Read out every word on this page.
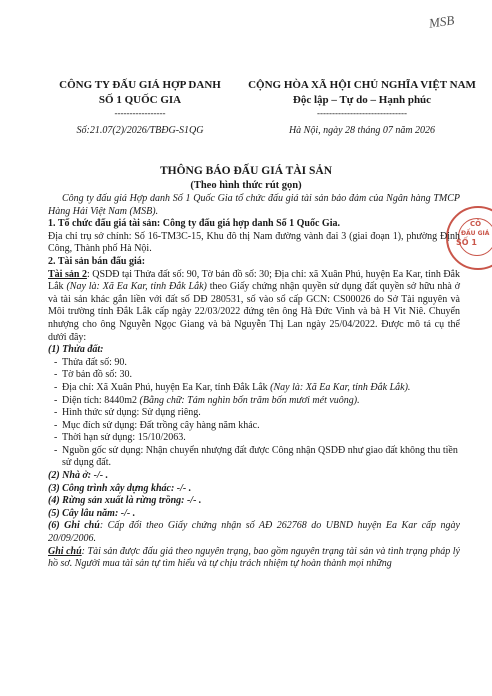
MSB
CÔ
ĐẤU GIÁ
SỐ 1
CÔNG TY ĐẤU GIÁ HỢP DANH
SỐ 1 QUỐC GIA
-----------------
Số:21.07(2)/2026/TBĐG-S1QG
CỘNG HÒA XÃ HỘI CHỦ NGHĨA VIỆT NAM
Độc lập – Tự do – Hạnh phúc
------------------------------
Hà Nội, ngày 28 tháng 07 năm 2026
THÔNG BÁO ĐẤU GIÁ TÀI SẢN
(Theo hình thức rút gọn)

Công ty đấu giá Hợp danh Số 1 Quốc Gia tổ chức đấu giá tài sản bảo đảm của Ngân hàng TMCP Hàng Hải Việt Nam (MSB).

1. Tổ chức đấu giá tài sản: Công ty đấu giá hợp danh Số 1 Quốc Gia.

Địa chỉ trụ sở chính: Số 16-TM3C-15, Khu đô thị Nam đường vành đai 3 (giai đoạn 1), phường Định Công, Thành phố Hà Nội.

2. Tài sản bán đấu giá:

Tài sản 2: QSDĐ tại Thửa đất số: 90, Tờ bản đồ số: 30; Địa chỉ: xã Xuân Phú, huyện Ea Kar, tỉnh Đắk Lắk (Nay là: Xã Ea Kar, tỉnh Đắk Lắk) theo Giấy chứng nhận quyền sử dụng đất quyền sở hữu nhà ở và tài sản khác gắn liền với đất số DĐ 280531, số vào sổ cấp GCN: CS00026 do Sở Tài nguyên và Môi trường tỉnh Đắk Lắk cấp ngày 22/03/2022 đứng tên ông Hà Đức Vinh và bà H Vit Niê. Chuyển nhượng cho ông Nguyễn Ngọc Giang và bà Nguyễn Thị Lan ngày 25/04/2022. Được mô tả cụ thể dưới đây:

(1) Thửa đất:

- Thửa đất số: 90.

- Tờ bản đồ số: 30.

- Địa chỉ: Xã Xuân Phú, huyện Ea Kar, tỉnh Đắk Lắk (Nay là: Xã Ea Kar, tỉnh Đắk Lắk).

- Diện tích: 8440m2 (Bằng chữ: Tám nghìn bốn trăm bốn mươi mét vuông).

- Hình thức sử dụng: Sử dụng riêng.

- Mục đích sử dụng: Đất trồng cây hàng năm khác.

- Thời hạn sử dụng: 15/10/2063.

- Nguồn gốc sử dụng: Nhận chuyển nhượng đất được Công nhận QSDĐ như giao đất không thu tiền sử dụng đất.

(2) Nhà ở: -/- .

(3) Công trình xây dựng khác: -/- .

(4) Rừng sản xuất là rừng trồng: -/- .

(5) Cây lâu năm: -/- .

(6) Ghi chú: Cấp đổi theo Giấy chứng nhận số AĐ 262768 do UBND huyện Ea Kar cấp ngày 20/09/2006.

Ghi chú: Tài sản được đấu giá theo nguyên trạng, bao gồm nguyên trạng tài sản và tình trạng pháp lý hồ sơ. Người mua tài sản tự tìm hiểu và tự chịu trách nhiệm tự hoàn thành mọi những
